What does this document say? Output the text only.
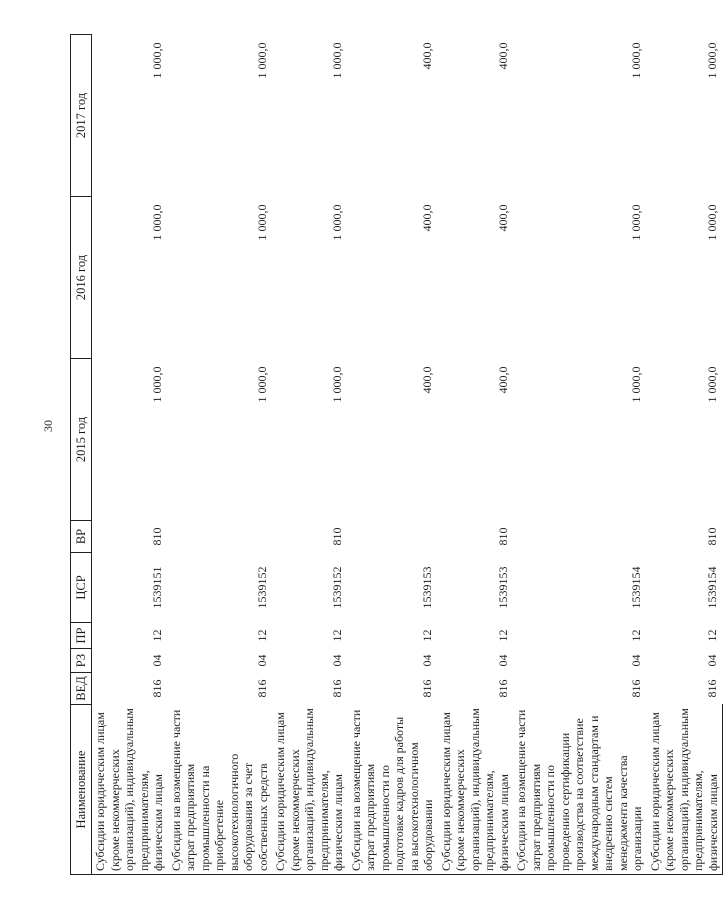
30
Наименование	ВЕД	РЗ	ПР	ЦСР	ВР	2015 год	2016 год	2017 год
Субсидии юридическим лицам (кроме некоммерческих организаций), индивидуальным предпринимателям, физическим лицам	816	04	12	1539151	810	1 000,0	1 000,0	1 000,0
Субсидии на возмещение части затрат предприятиям промышленности на приобретение высокотехнологичного оборудования за счет собственных средств	816	04	12	1539152		1 000,0	1 000,0	1 000,0
Субсидии юридическим лицам (кроме некоммерческих организаций), индивидуальным предпринимателям, физическим лицам	816	04	12	1539152	810	1 000,0	1 000,0	1 000,0
Субсидии на возмещение части затрат предприятиям промышленности по подготовке кадров для работы на высокотехнологичном оборудовании	816	04	12	1539153		400,0	400,0	400,0
Субсидии юридическим лицам (кроме некоммерческих организаций), индивидуальным предпринимателям, физическим лицам	816	04	12	1539153	810	400,0	400,0	400,0
Субсидии на возмещение части затрат предприятиям промышленности по проведению сертификации производства на соответствие международным стандартам и внедрению систем менеджмента качества организации	816	04	12	1539154		1 000,0	1 000,0	1 000,0
Субсидии юридическим лицам (кроме некоммерческих организаций), индивидуальным предпринимателям, физическим лицам	816	04	12	1539154	810	1 000,0	1 000,0	1 000,0
